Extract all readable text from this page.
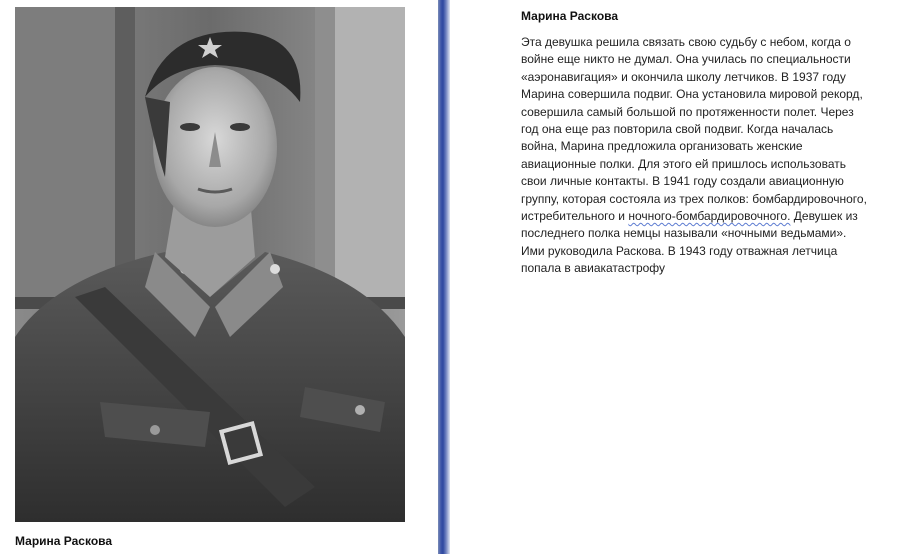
Марина Раскова
Марина Раскова

Эта девушка решила связать свою судьбу с небом, когда о
войне еще никто не думал. Она училась по специальности
«аэронавигация» и окончила школу летчиков. В 1937 году
Марина совершила подвиг. Она установила мировой рекорд,
совершила самый большой по протяженности полет. Через
год она еще раз повторила свой подвиг. Когда началась
война, Марина предложила организовать женские
авиационные полки. Для этого ей пришлось использовать
свои личные контакты. В 1941 году создали авиационную
группу, которая состояла из трех полков: бомбардировочного,
истребительного и ночного-бомбардировочного. Девушек из
последнего полка немцы называли «ночными ведьмами».
Ими руководила Раскова. В 1943 году отважная летчица
попала в авиакатастрофу
